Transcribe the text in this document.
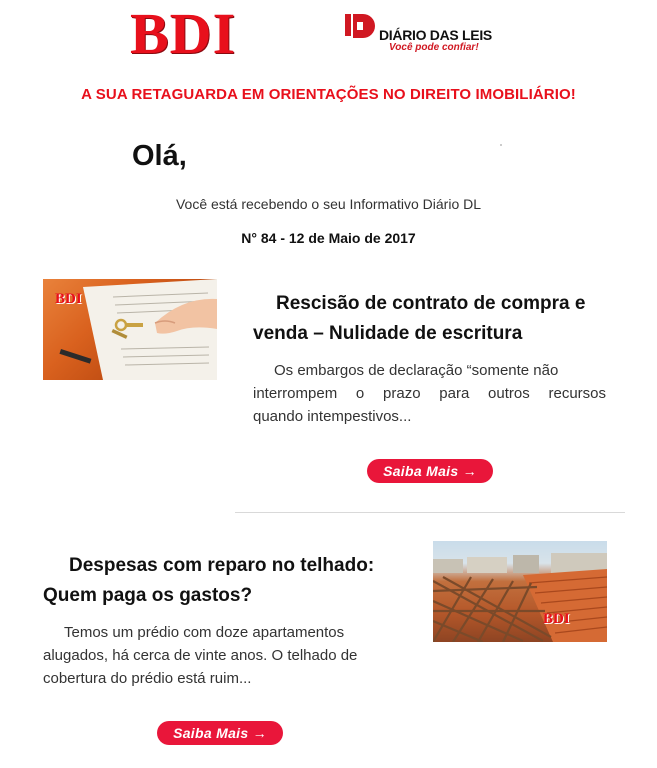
BDI	DIÁRIO DAS LEIS
Você pode confiar!
A SUA RETAGUARDA EM ORIENTAÇÕES NO DIREITO IMOBILIÁRIO!
Olá,
Você está recebendo o seu Informativo Diário DL
N° 84 - 12 de Maio de 2017
BDI	Rescisão de contrato de compra e
venda – Nulidade de escritura
Os embargos de declaração “somente não
interrompem o prazo para outros recursos
quando intempestivos...
Saiba Mais →
Despesas com reparo no telhado:
Quem paga os gastos?
Temos um prédio com doze apartamentos
alugados, há cerca de vinte anos. O telhado de
cobertura do prédio está ruim...
BDI
Saiba Mais →
